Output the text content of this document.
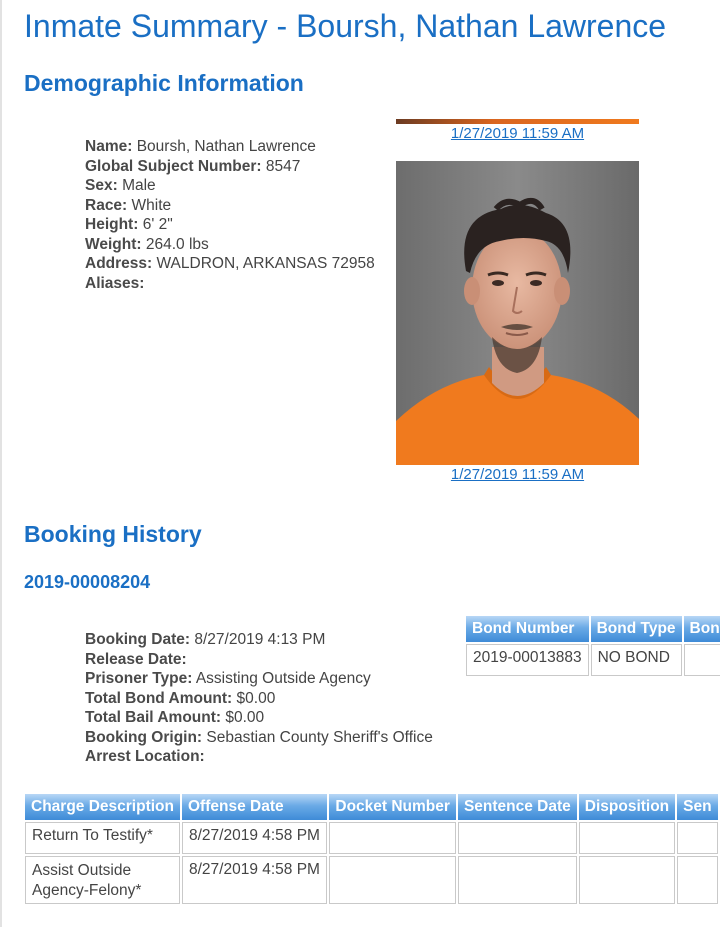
Inmate Summary - Boursh, Nathan Lawrence
Demographic Information
Name: Boursh, Nathan Lawrence
Global Subject Number: 8547
Sex: Male
Race: White
Height: 6' 2"
Weight: 264.0 lbs
Address: WALDRON, ARKANSAS 72958
Aliases:
1/27/2019 11:59 AM
1/27/2019 11:59 AM
Booking History
2019-00008204
Booking Date: 8/27/2019 4:13 PM
Release Date:
Prisoner Type: Assisting Outside Agency
Total Bond Amount: $0.00
Total Bail Amount: $0.00
Booking Origin: Sebastian County Sheriff's Office
Arrest Location:
Bond Number	Bond Type	Bon
2019-00013883	NO BOND	
Charge Description	Offense Date	Docket Number	Sentence Date	Disposition	Sen
Return To Testify*	8/27/2019 4:58 PM				
Assist Outside Agency-Felony*	8/27/2019 4:58 PM				
